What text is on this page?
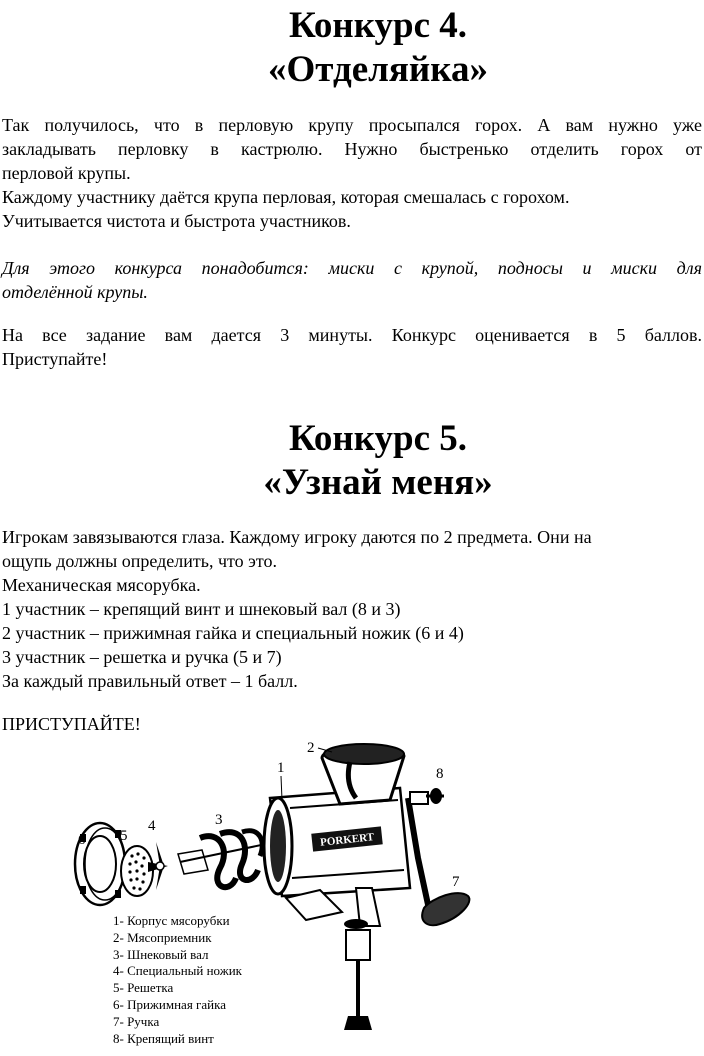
Конкурс 4.
«Отделяйка»
Так получилось, что в перловую крупу просыпался горох. А вам нужно уже
закладывать перловку в кастрюлю. Нужно быстренько отделить горох от
перловой крупы.
Каждому участнику даётся крупа перловая, которая смешалась с горохом.
Учитывается чистота и быстрота участников.
Для этого конкурса понадобится: миски с крупой, подносы и миски для
отделённой крупы.
На все задание вам дается 3 минуты. Конкурс оценивается в 5 баллов.
Приступайте!
Конкурс 5.
«Узнай меня»
Игрокам завязываются глаза. Каждому игроку даются по 2 предмета. Они на
ощупь должны определить, что это.
Механическая мясорубка.
1 участник – крепящий винт и шнековый вал (8 и 3)
2 участник – прижимная гайка и специальный ножик (6 и 4)
3 участник – решетка и ручка (5 и 7)
За каждый правильный ответ – 1 балл.
ПРИСТУПАЙТЕ!
PORKERT
1
2
3
4
5
6
7
8
1- Корпус мясорубки
2- Мясоприемник
3- Шнековый вал
4- Специальный ножик
5- Решетка
6- Прижимная гайка
7- Ручка
8- Крепящий винт
